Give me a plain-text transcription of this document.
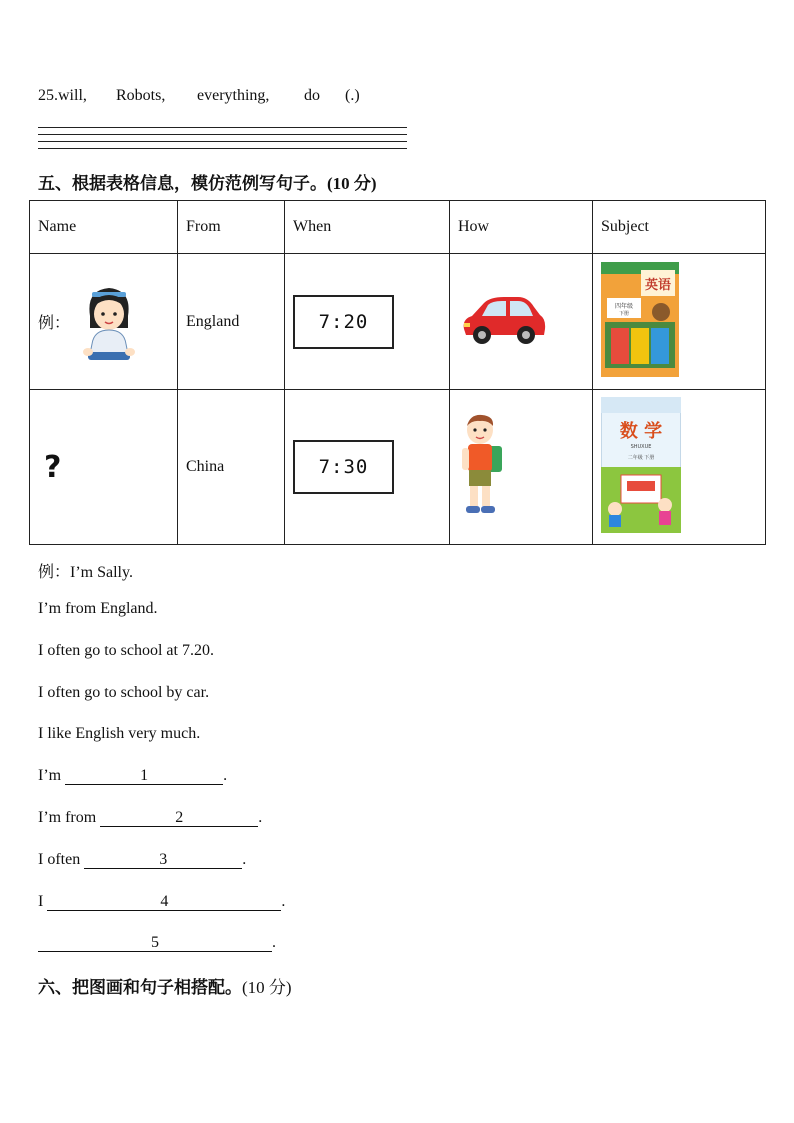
25.will, Robots, everything, do (.)
五、根据表格信息，模仿范例写句子。(10 分)
Name	From	When	How	Subject

例：	England	7:20		英语
四年级
下册

?	China	7:30		数 学
SHUXUE
二年级 下册
例：I’m Sally.
I’m from England.
I often go to school at 7.20.
I often go to school by car.
I like English very much.
I’m	1	.
I’m from	2	.
I often	3	.
I	4	.
5	.
六、把图画和句子相搭配。(10 分)
